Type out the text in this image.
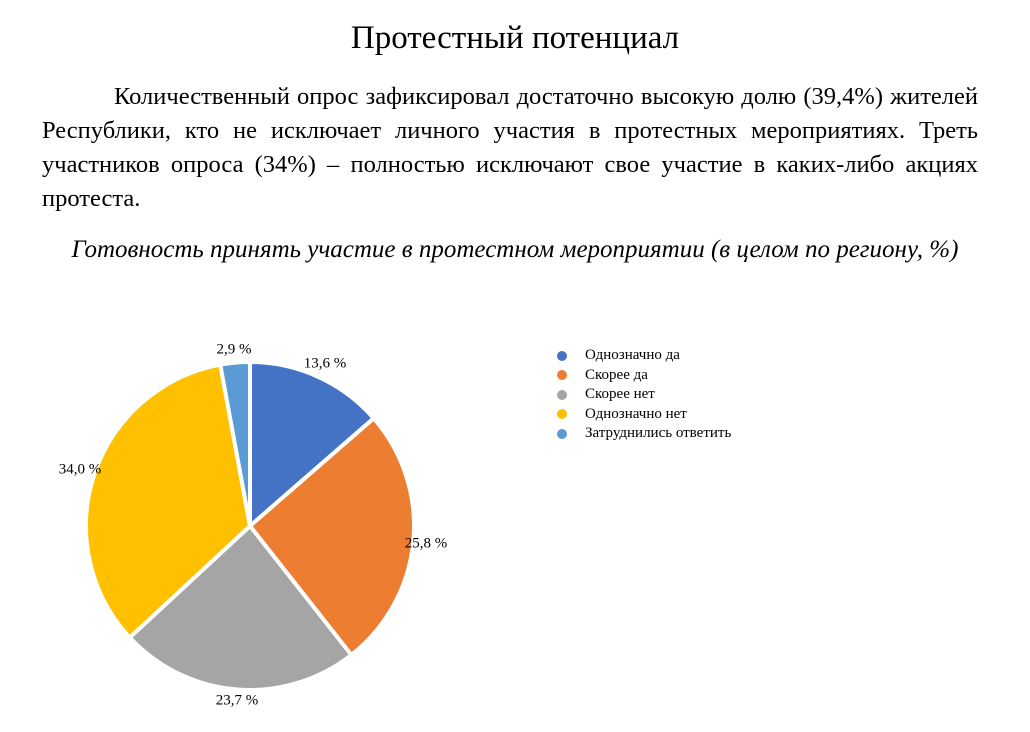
Протестный потенциал
Количественный опрос зафиксировал достаточно высокую долю (39,4%) жителей Республики, кто не исключает личного участия в протестных мероприятиях. Треть участников опроса (34%) – полностью исключают свое участие в каких-либо акциях протеста.
Готовность принять участие в протестном мероприятии (в целом по региону, %)
13,6 %
25,8 %
23,7 %
34,0 %
2,9 %	Однозначно да
Скорее да
Скорее нет
Однозначно нет
Затруднились ответить
